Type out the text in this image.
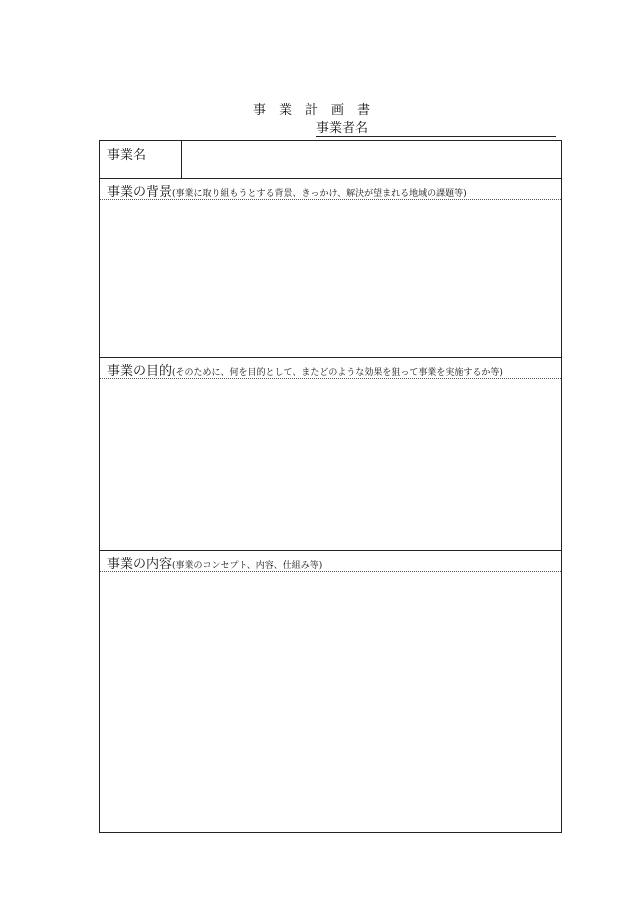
事業計画書
事業者名
事業名
事業の背景(事業に取り組もうとする背景、きっかけ、解決が望まれる地域の課題等)
事業の目的(そのために、何を目的として、またどのような効果を狙って事業を実施するか等)
事業の内容(事業のコンセプト、内容、仕組み等)
